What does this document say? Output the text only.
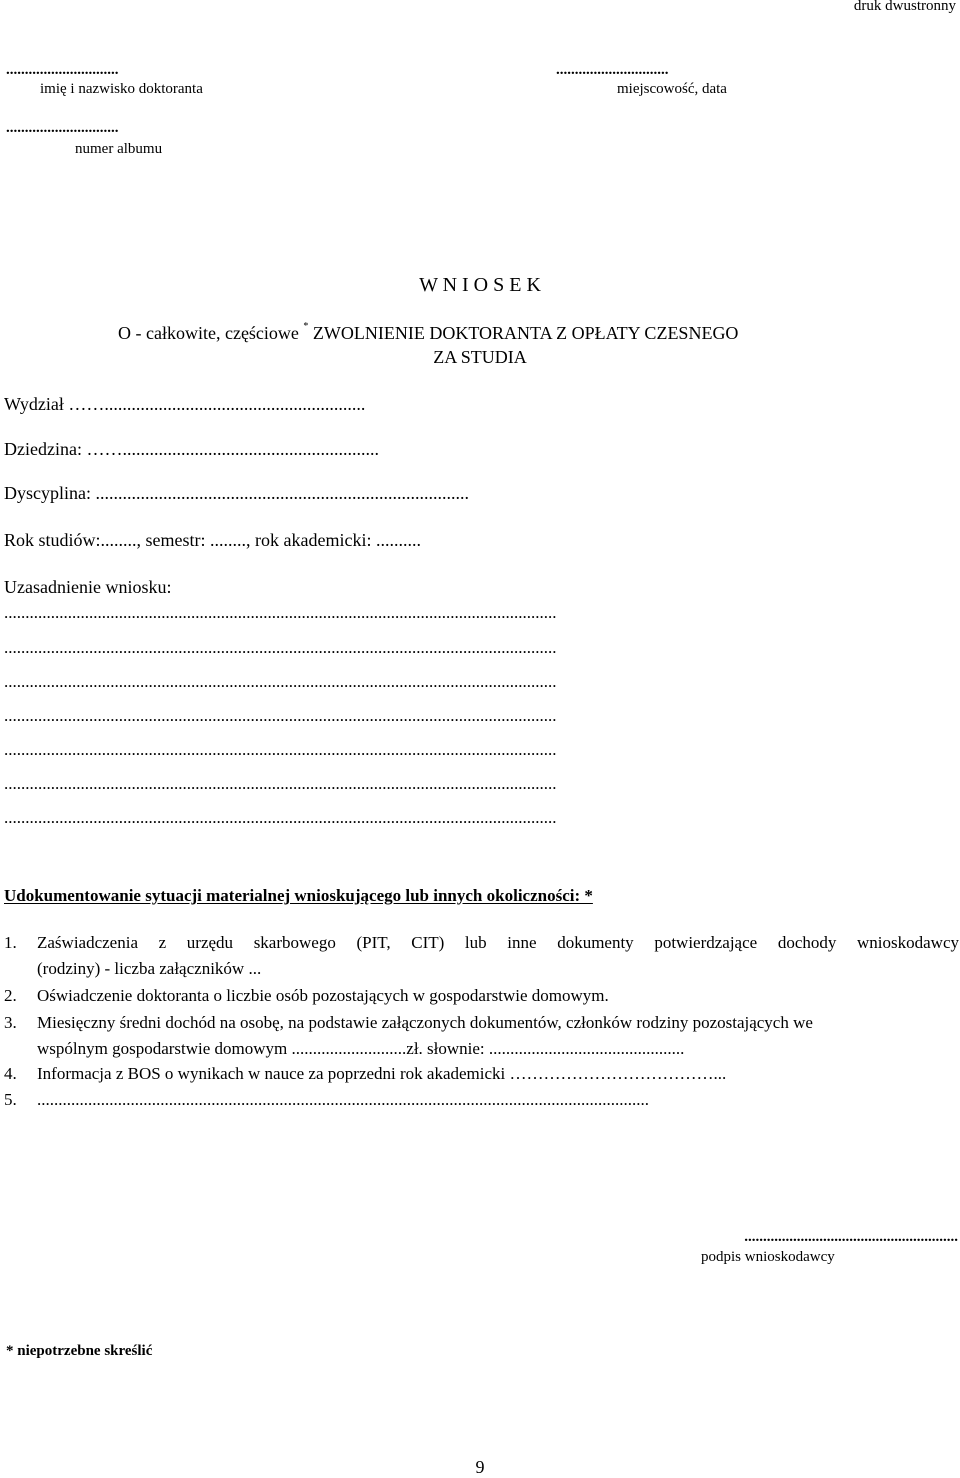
druk dwustronny
..............................
imię i nazwisko doktoranta
..............................
miejscowość, data
..............................
numer albumu
W N I O S E K
O - całkowite, częściowe * ZWOLNIENIE DOKTORANTA Z OPŁATY CZESNEGO
ZA STUDIA
Wydział ……..........................................................
Dziedzina: …….........................................................
Dyscyplina: ...................................................................................
Rok studiów:........, semestr: ........, rok akademicki: ..........
Uzasadnienie wniosku:
..................................................................................................................................
..................................................................................................................................
..................................................................................................................................
..................................................................................................................................
..................................................................................................................................
..................................................................................................................................
..................................................................................................................................
Udokumentowanie sytuacji materialnej wnioskującego lub innych okoliczności: *
1. Zaświadczenia z urzędu skarbowego (PIT, CIT) lub inne dokumenty potwierdzające dochody wnioskodawcy
(rodziny) - liczba załączników ...
2. Oświadczenie doktoranta o liczbie osób pozostających w gospodarstwie domowym.
3. Miesięczny średni dochód na osobę, na podstawie załączonych dokumentów, członków rodziny pozostających we
wspólnym gospodarstwie domowym ...........................zł. słownie: ..............................................
4. Informacja z BOS o wynikach w nauce za poprzedni rok akademicki ………………………………...
5. ................................................................................................................................................
.........................................................
podpis wnioskodawcy
* niepotrzebne skreślić
9
